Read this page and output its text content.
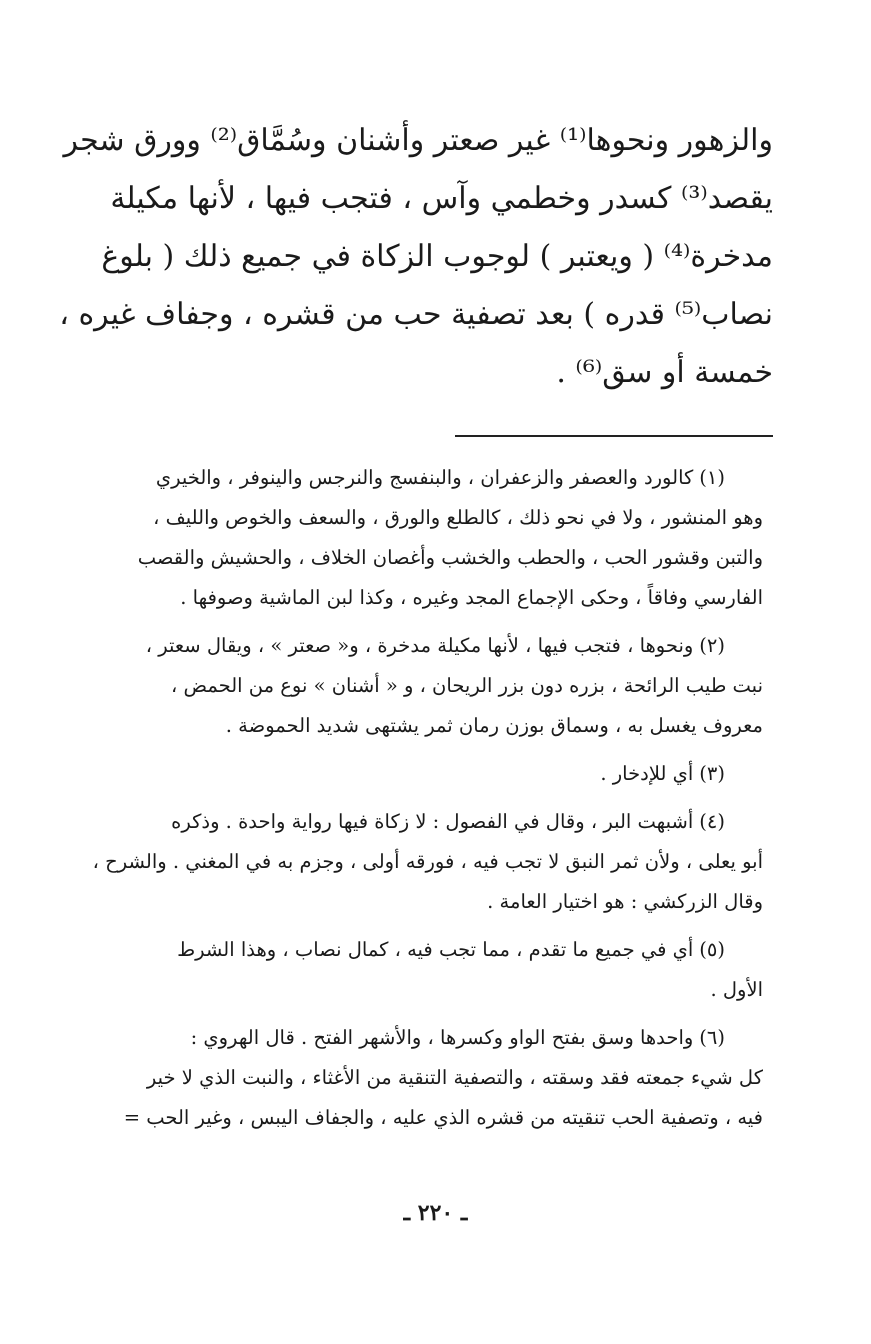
والزهور ونحوها⁽¹⁾ غير صعتر وأشنان وسُمَّاق⁽²⁾ وورق شجر
يقصد⁽³⁾ كسدر وخطمي وآس ، فتجب فيها ، لأنها مكيلة
مدخرة⁽⁴⁾ ( ويعتبر ) لوجوب الزكاة في جميع ذلك ( بلوغ
نصاب⁽⁵⁾ قدره ) بعد تصفية حب من قشره ، وجفاف غيره ،
خمسة أو سق⁽⁶⁾ .
(١)كالورد والعصفر والزعفران ، والبنفسج والنرجس والينوفر ، والخيري
وهو المنشور ، ولا في نحو ذلك ، كالطلع والورق ، والسعف والخوص والليف ،
والتبن وقشور الحب ، والحطب والخشب وأغصان الخلاف ، والحشيش والقصب
الفارسي وفاقاً ، وحكى الإجماع المجد وغيره ، وكذا لبن الماشية وصوفها .
(٢)ونحوها ، فتجب فيها ، لأنها مكيلة مدخرة ، و« صعتر » ، ويقال سعتر ،
نبت طيب الرائحة ، بزره دون بزر الريحان ، و « أشنان » نوع من الحمض ،
معروف يغسل به ، وسماق بوزن رمان ثمر يشتهى شديد الحموضة .
(٣)أي للإدخار .
(٤)أشبهت البر ، وقال في الفصول : لا زكاة فيها رواية واحدة . وذكره
أبو يعلى ، ولأن ثمر النبق لا تجب فيه ، فورقه أولى ، وجزم به في المغني . والشرح ،
وقال الزركشي : هو اختيار العامة .
(٥)أي في جميع ما تقدم ، مما تجب فيه ، كمال نصاب ، وهذا الشرط
الأول .
(٦)واحدها وسق بفتح الواو وكسرها ، والأشهر الفتح . قال الهروي :
كل شيء جمعته فقد وسقته ، والتصفية التنقية من الأغثاء ، والنبت الذي لا خير
فيه ، وتصفية الحب تنقيته من قشره الذي عليه ، والجفاف اليبس ، وغير الحب =
ـ ٢٢٠ ـ
